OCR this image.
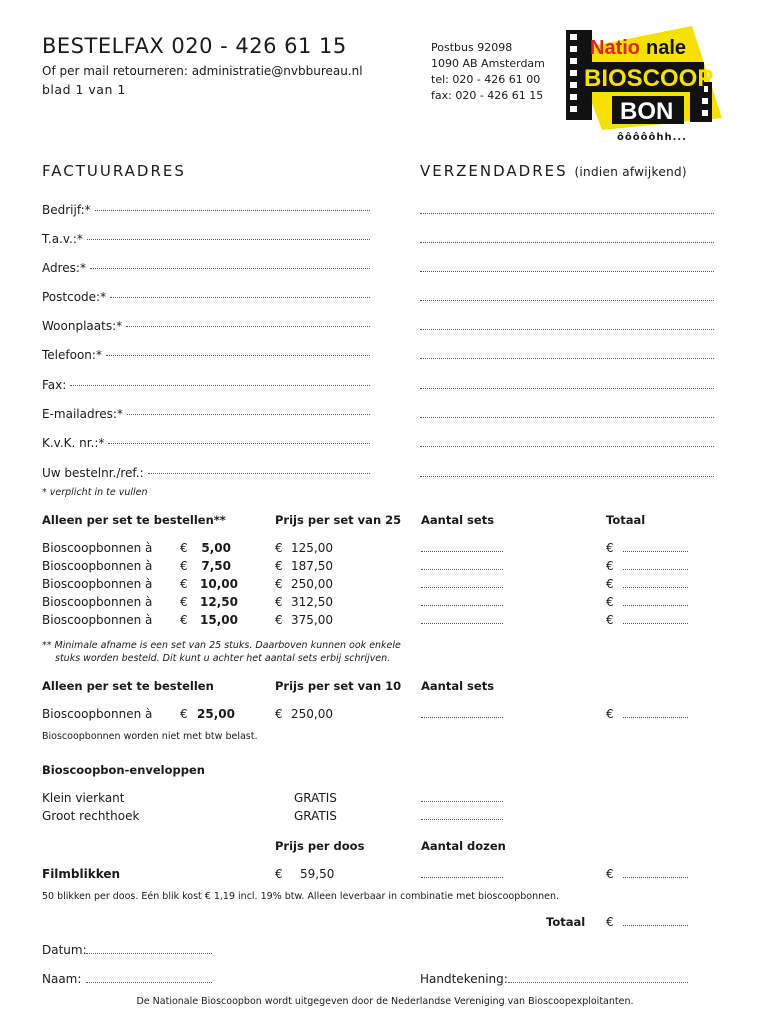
BESTELFAX 020 - 426 61 15
Of per mail retourneren: administratie@nvbbureau.nl
blad 1 van 1
Postbus 92098
1090 AB Amsterdam
tel: 020 - 426 61 00
fax: 020 - 426 61 15
Natio nale
BIOSCOOP
BON
ôôôôôhh...
FACTUURADRES	VERZENDADRES (indien afwijkend)
Bedrijf:*
T.a.v.:*
Adres:*
Postcode:*
Woonplaats:*
Telefoon:*
Fax:
E-mailadres:*
K.v.K. nr.:*
Uw bestelnr./ref.:
* verplicht in te vullen
Alleen per set te bestellen**	Prijs per set van 25 Aantal sets	Totaal
Bioscoopbonnen à € 5,00	€ 125,00	€
Bioscoopbonnen à € 7,50	€ 187,50	€
Bioscoopbonnen à € 10,00	€ 250,00	€
Bioscoopbonnen à € 12,50	€ 312,50	€
Bioscoopbonnen à € 15,00	€ 375,00	€
** Minimale afname is een set van 25 stuks. Daarboven kunnen ook enkele
stuks worden besteld. Dit kunt u achter het aantal sets erbij schrijven.
Alleen per set te bestellen	Prijs per set van 10 Aantal sets
Bioscoopbonnen à € 25,00	€ 250,00	€
Bioscoopbonnen worden niet met btw belast.
Bioscoopbon-enveloppen
Klein vierkant	GRATIS
Groot rechthoek	GRATIS
Prijs per doos	Aantal dozen
Filmblikken	€ 59,50	€
50 blikken per doos. Eén blik kost € 1,19 incl. 19% btw. Alleen leverbaar in combinatie met bioscoopbonnen.
Totaal €
Datum:
Naam:	Handtekening:
De Nationale Bioscoopbon wordt uitgegeven door de Nederlandse Vereniging van Bioscoopexploitanten.
